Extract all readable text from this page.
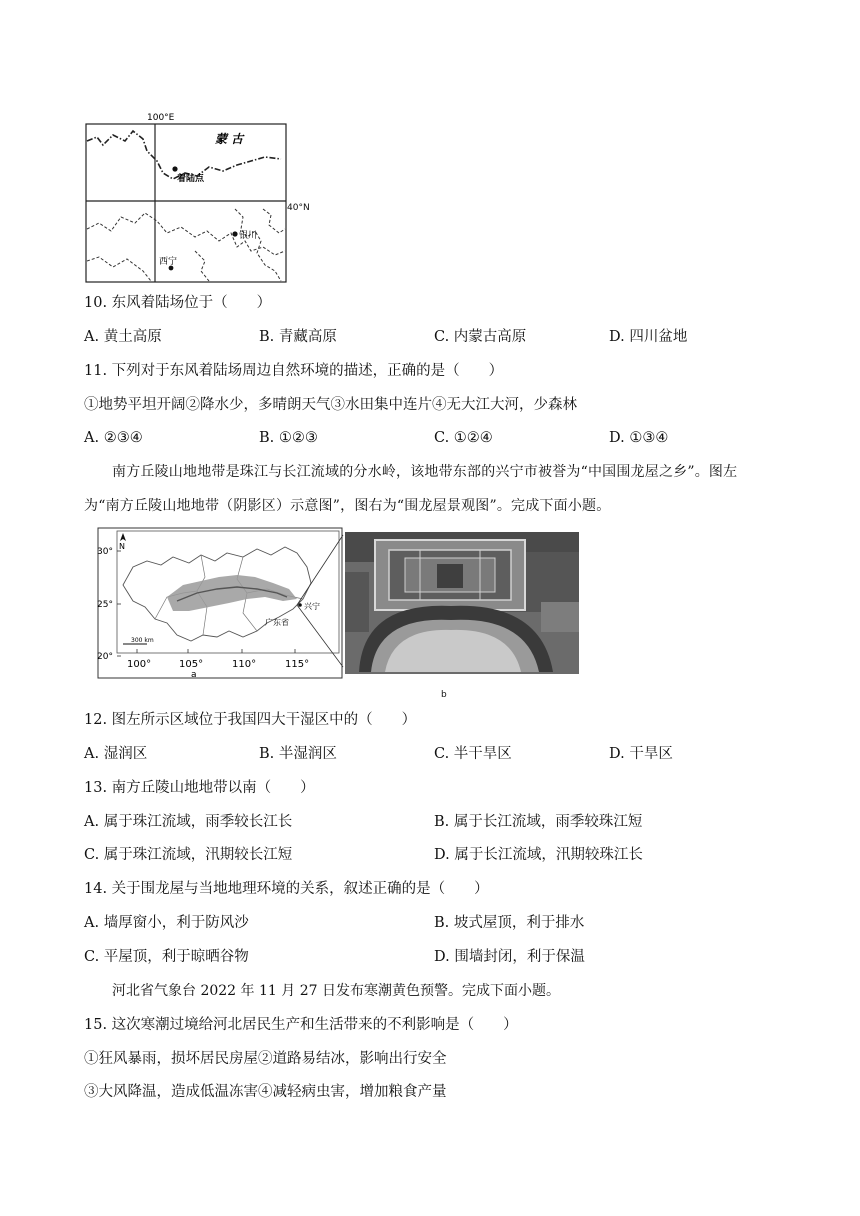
100°E
蒙 古
着陆点
银川
西宁
40°N
10. 东风着陆场位于（　　）
A. 黄土高原	B. 青藏高原	C. 内蒙古高原	D. 四川盆地
11. 下列对于东风着陆场周边自然环境的描述，正确的是（　　）
①地势平坦开阔②降水少，多晴朗天气③水田集中连片④无大江大河，少森林
A. ②③④	B. ①②③	C. ①②④	D. ①③④
南方丘陵山地地带是珠江与长江流域的分水岭，该地带东部的兴宁市被誉为“中国围龙屋之乡”。图左
为“南方丘陵山地地带（阴影区）示意图”，图右为“围龙屋景观图”。完成下面小题。
N
兴宁
广东省
300 km
30°
25°
20°
100°	105°	110°	115°
a
b
12. 图左所示区域位于我国四大干湿区中的（　　）
A. 湿润区	B. 半湿润区	C. 半干旱区	D. 干旱区
13. 南方丘陵山地地带以南（　　）
A. 属于珠江流域，雨季较长江长	B. 属于长江流域，雨季较珠江短
C. 属于珠江流域，汛期较长江短	D. 属于长江流域，汛期较珠江长
14. 关于围龙屋与当地地理环境的关系，叙述正确的是（　　）
A. 墙厚窗小，利于防风沙	B. 坡式屋顶，利于排水
C. 平屋顶，利于晾晒谷物	D. 围墙封闭，利于保温
河北省气象台 2022 年 11 月 27 日发布寒潮黄色预警。完成下面小题。
15. 这次寒潮过境给河北居民生产和生活带来的不利影响是（　　）
①狂风暴雨，损坏居民房屋②道路易结冰，影响出行安全
③大风降温，造成低温冻害④减轻病虫害，增加粮食产量
